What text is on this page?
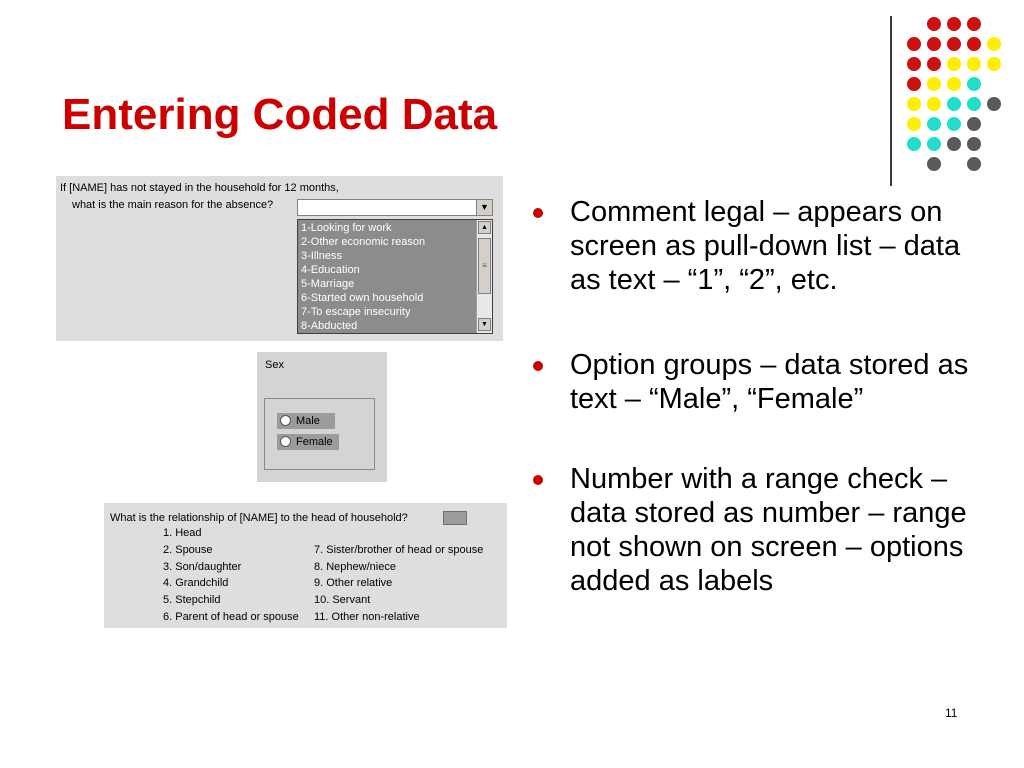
Entering Coded Data
If [NAME] has not stayed in the household for 12 months,
what is the main reason for the absence?	▼
1-Looking for work
2-Other economic reason
3-Illness
4-Education
5-Marriage
6-Started own household
7-To escape insecurity
8-Abducted
▲
≡
▼
Sex
Male
Female
What is the relationship of [NAME] to the head of household?
1. Head
2. Spouse
3. Son/daughter
4. Grandchild
5. Stepchild
6. Parent of head or spouse
7. Sister/brother of head or spouse
8. Nephew/niece
9. Other relative
10. Servant
11. Other non-relative
Comment legal – appears on screen as pull-down list – data as text – “1”, “2”, etc.
Option groups – data stored as text – “Male”, “Female”
Number with a range check – data stored as number – range not shown on screen – options added as labels
11
